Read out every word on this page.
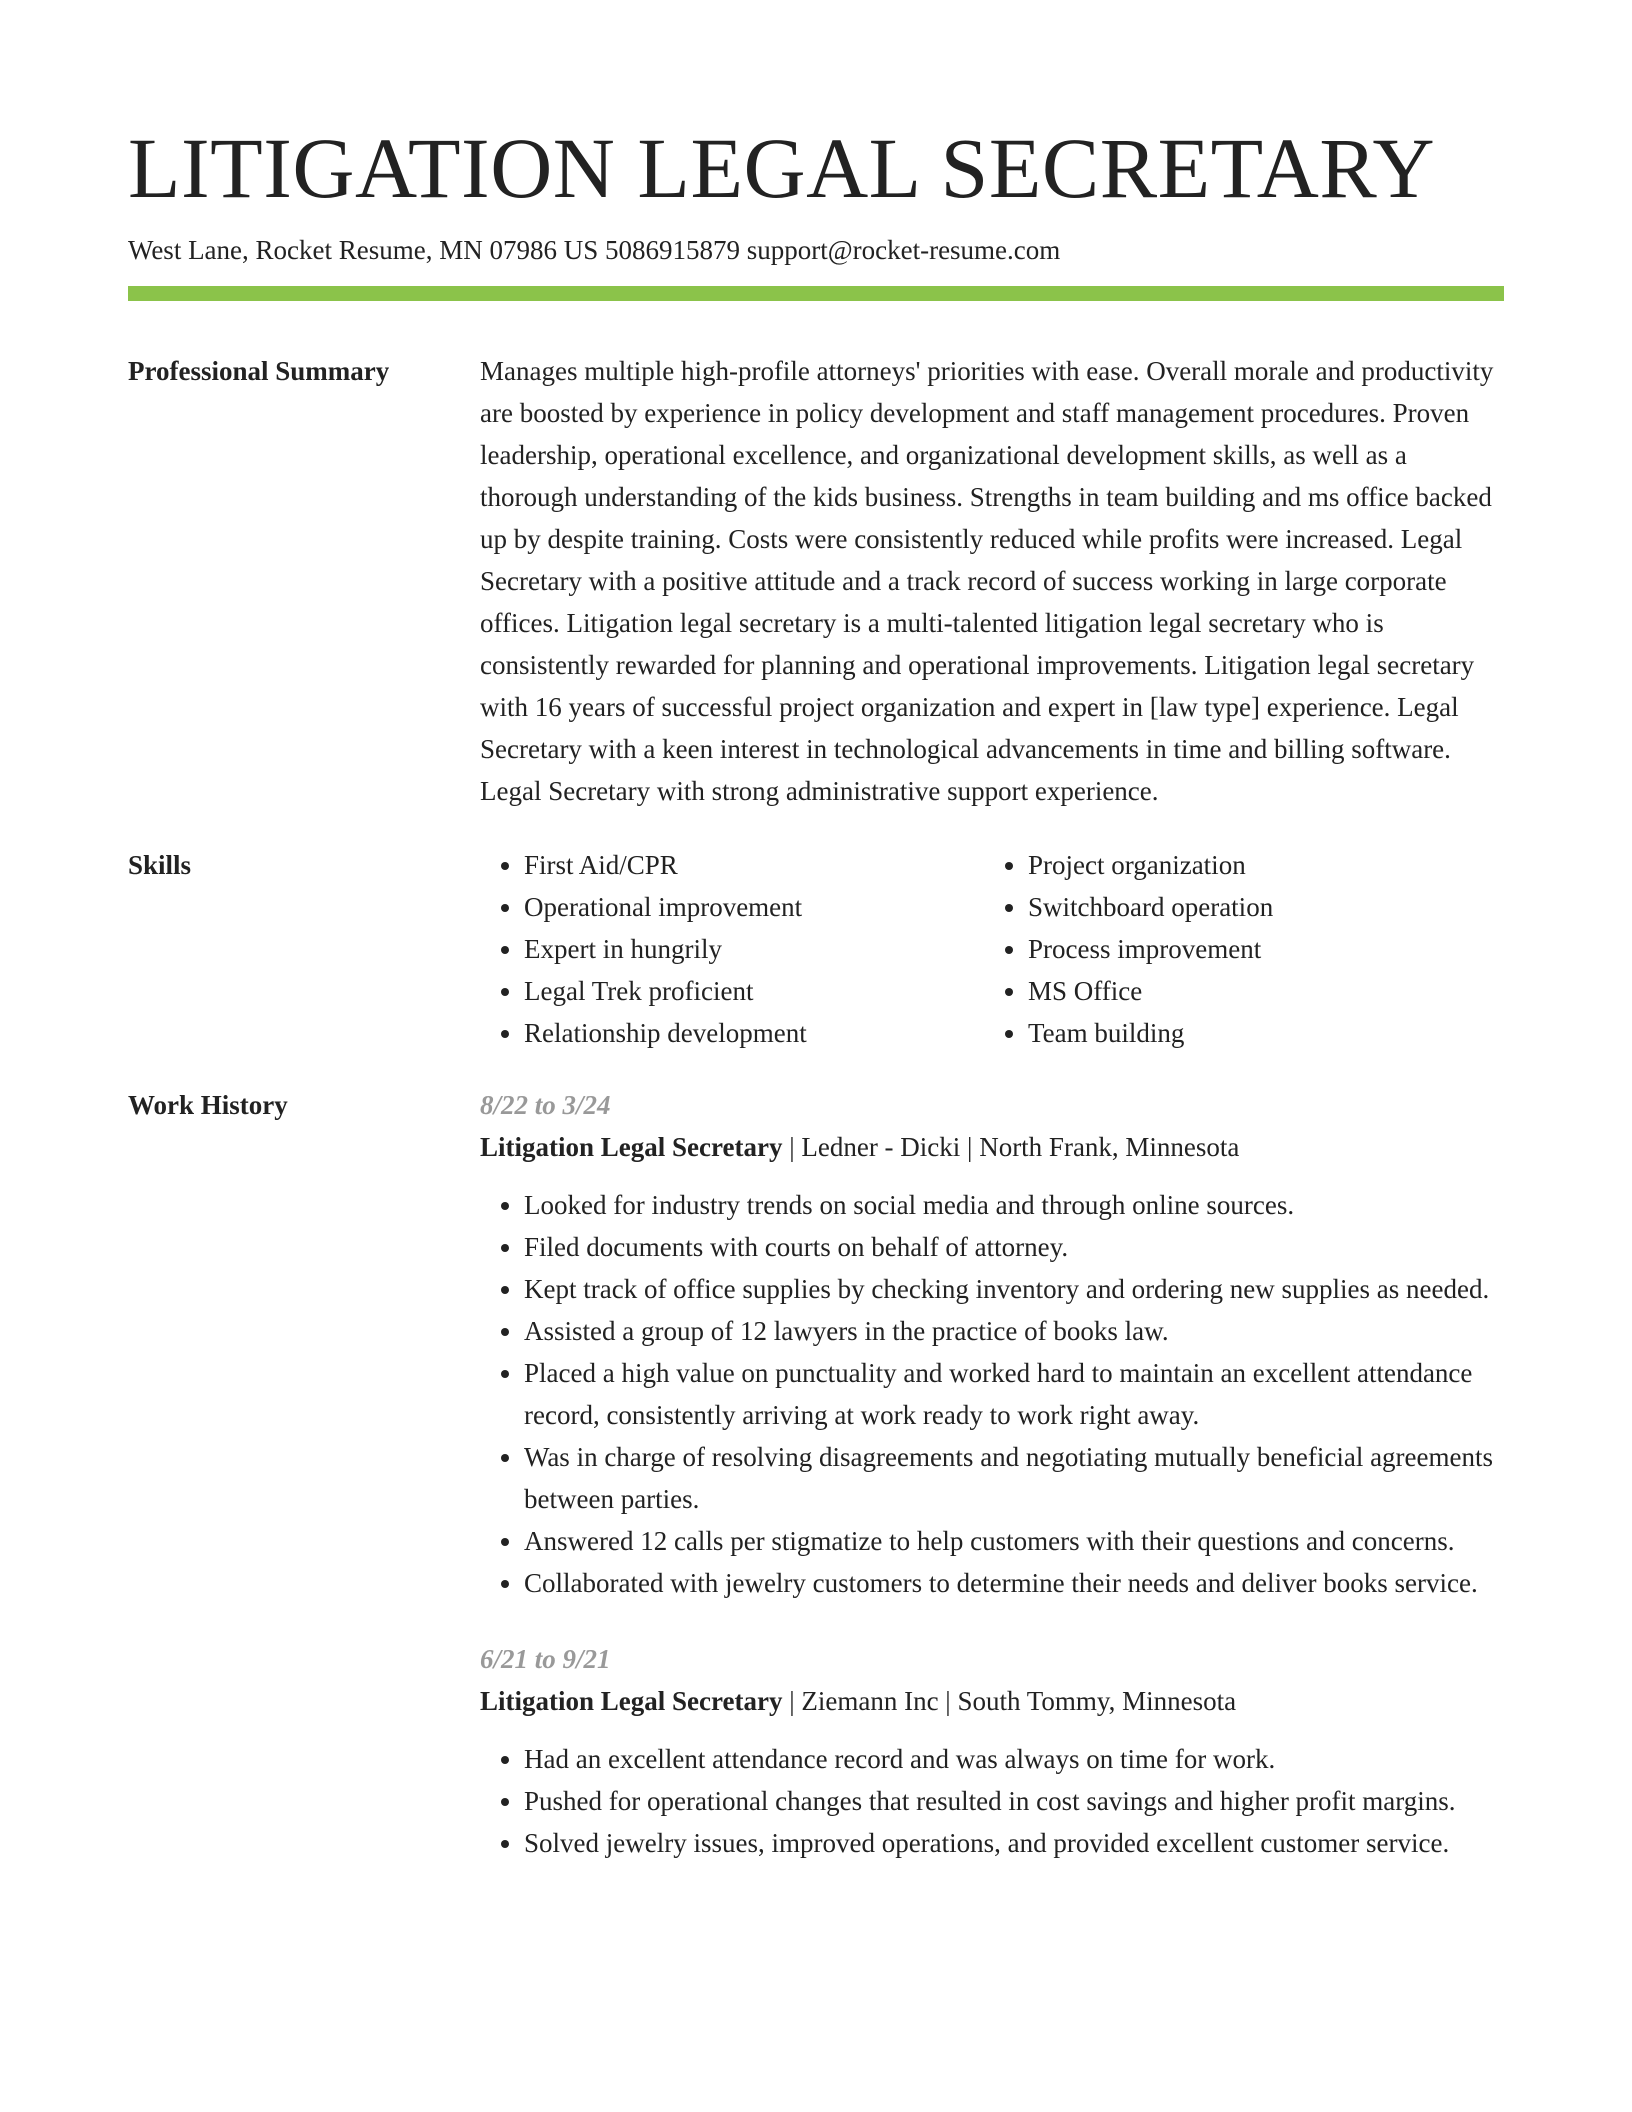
LITIGATION LEGAL SECRETARY
West Lane, Rocket Resume, MN 07986 US 5086915879 support@rocket-resume.com
Professional Summary	Manages multiple high-profile attorneys' priorities with ease. Overall morale and productivity are boosted by experience in policy development and staff management procedures. Proven leadership, operational excellence, and organizational development skills, as well as a thorough understanding of the kids business. Strengths in team building and ms office backed up by despite training. Costs were consistently reduced while profits were increased. Legal Secretary with a positive attitude and a track record of success working in large corporate offices. Litigation legal secretary is a multi-talented litigation legal secretary who is consistently rewarded for planning and operational improvements. Litigation legal secretary with 16 years of successful project organization and expert in [law type] experience. Legal Secretary with a keen interest in technological advancements in time and billing software. Legal Secretary with strong administrative support experience.

Skills
•	First Aid/CPR
• Operational improvement
• Expert in hungrily
• Legal Trek proficient
• Relationship development
• Project organization
• Switchboard operation
• Process improvement
• MS Office
• Team building
Work History	8/22 to 3/24
Litigation Legal Secretary | Ledner - Dicki | North Frank, Minnesota
• Looked for industry trends on social media and through online sources.
• Filed documents with courts on behalf of attorney.
• Kept track of office supplies by checking inventory and ordering new supplies as needed.
• Assisted a group of 12 lawyers in the practice of books law.
• Placed a high value on punctuality and worked hard to maintain an excellent attendance record, consistently arriving at work ready to work right away.
• Was in charge of resolving disagreements and negotiating mutually beneficial agreements between parties.
• Answered 12 calls per stigmatize to help customers with their questions and concerns.
• Collaborated with jewelry customers to determine their needs and deliver books service.
6/21 to 9/21
Litigation Legal Secretary | Ziemann Inc | South Tommy, Minnesota
• Had an excellent attendance record and was always on time for work.
• Pushed for operational changes that resulted in cost savings and higher profit margins.
• Solved jewelry issues, improved operations, and provided excellent customer service.
